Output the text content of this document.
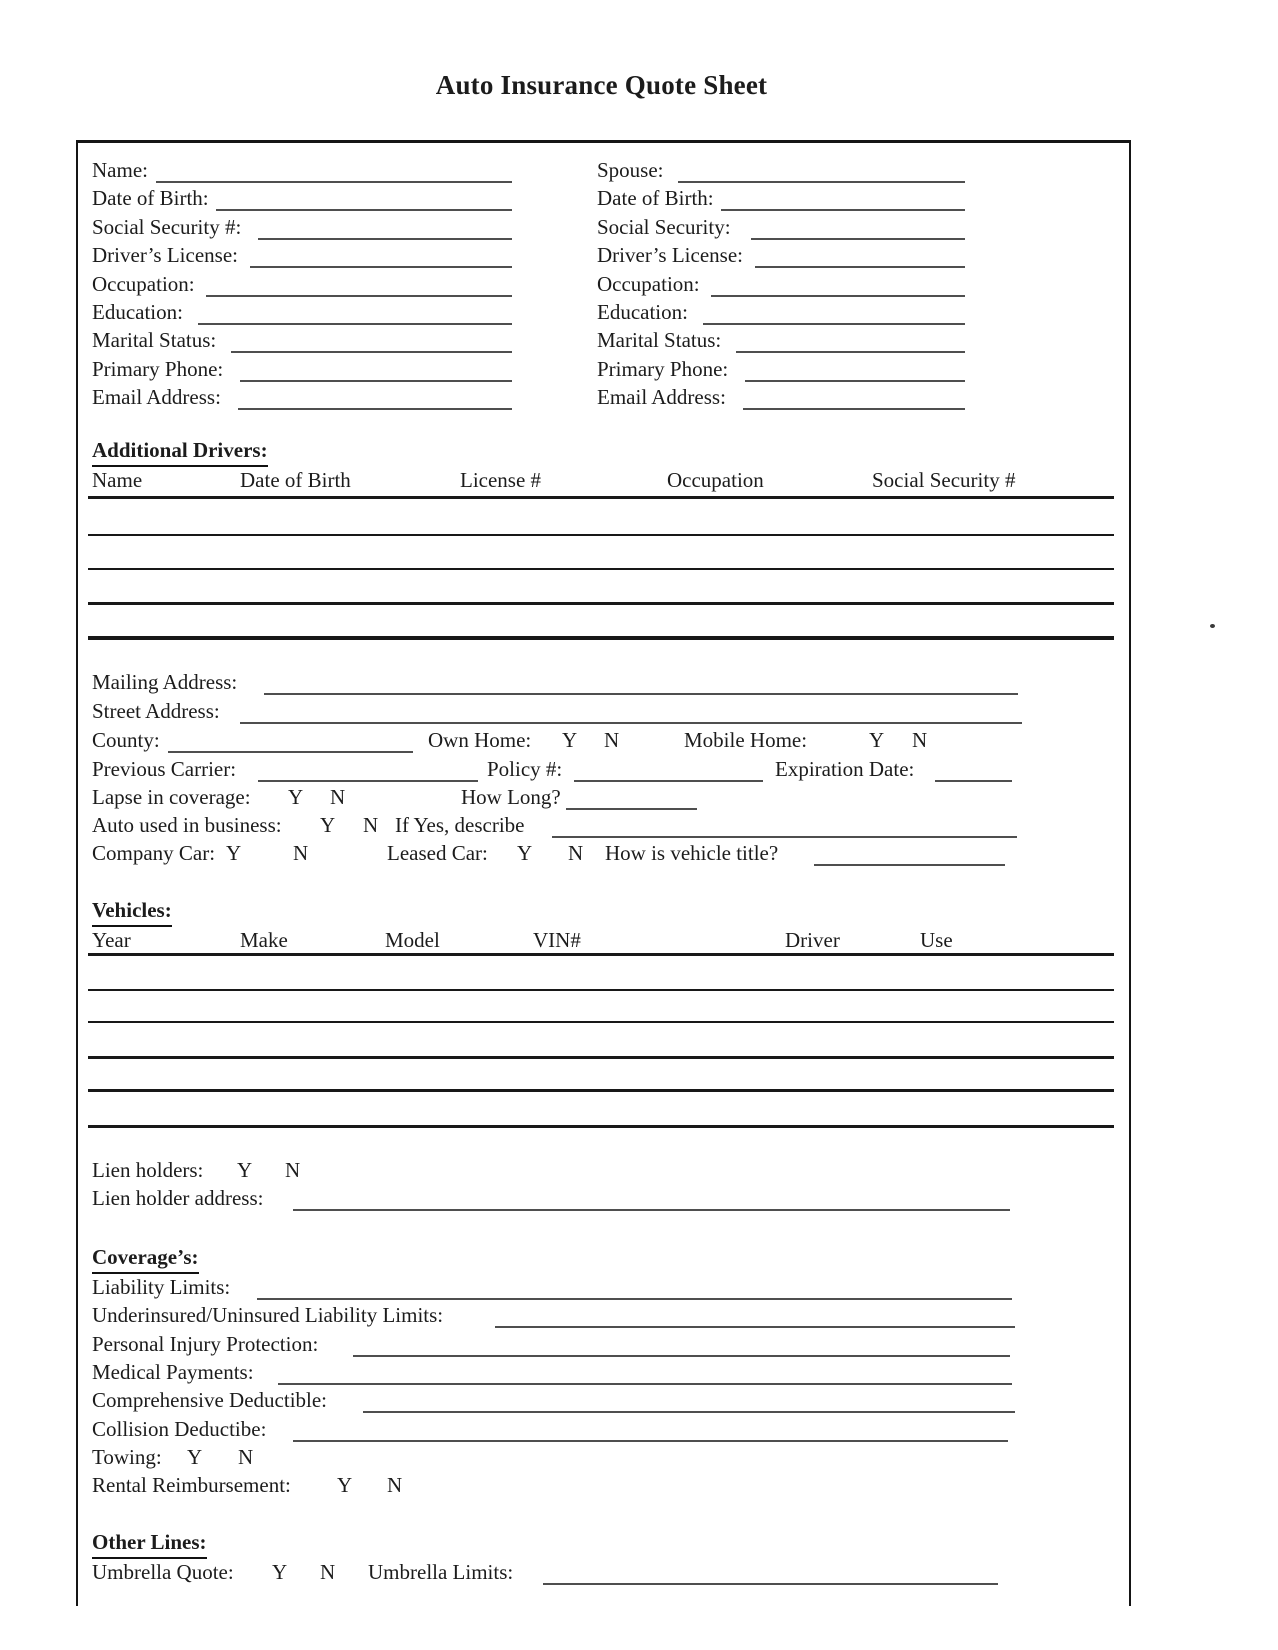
Auto Insurance Quote Sheet
Name:
Date of Birth:
Social Security #:
Driver’s License:
Occupation:
Education:
Marital Status:
Primary Phone:
Email Address:
Spouse:
Date of Birth:
Social Security:
Driver’s License:
Occupation:
Education:
Marital Status:
Primary Phone:
Email Address:
Additional Drivers:
Name	Date of Birth	License #	Occupation	Social Security #
Mailing Address:
Street Address:
County:	Own Home: Y N	Mobile Home:	Y N
Previous Carrier:	Policy #:	Expiration Date:
Lapse in coverage: Y N	How Long?
Auto used in business: Y N If Yes, describe
Company Car: Y N	Leased Car: Y N How is vehicle title?
Vehicles:
Year	Make	Model	VIN#	Driver	Use
Lien holders: Y N
Lien holder address:
Coverage’s:
Liability Limits:
Underinsured/Uninsured Liability Limits:
Personal Injury Protection:
Medical Payments:
Comprehensive Deductible:
Collision Deductibe:
Towing: Y N
Rental Reimbursement: Y N
Other Lines:
Umbrella Quote: Y N Umbrella Limits:
